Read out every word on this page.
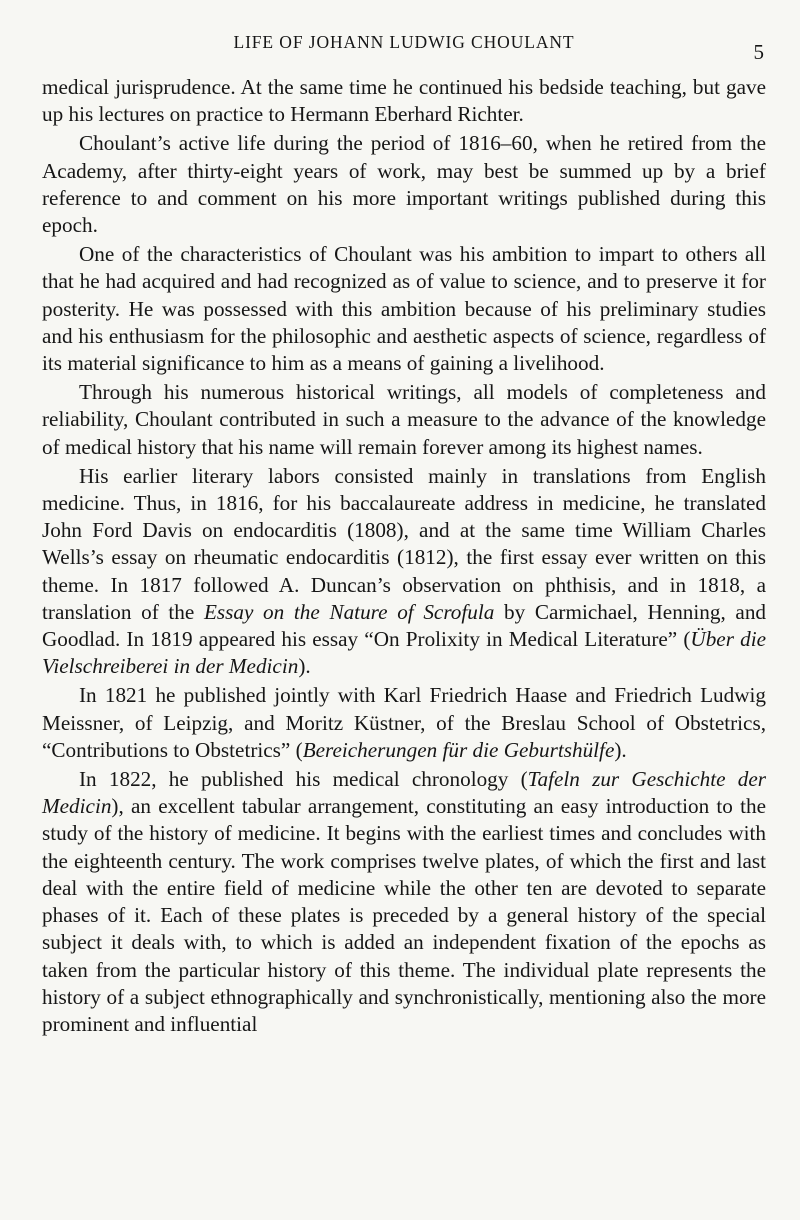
LIFE OF JOHANN LUDWIG CHOULANT	5

medical jurisprudence. At the same time he continued his bedside teaching, but gave up his lectures on practice to Hermann Eberhard Richter.

Choulant’s active life during the period of 1816–60, when he retired from the Academy, after thirty-eight years of work, may best be summed up by a brief reference to and comment on his more important writings published during this epoch.

One of the characteristics of Choulant was his ambition to impart to others all that he had acquired and had recognized as of value to science, and to preserve it for posterity. He was possessed with this ambition because of his preliminary studies and his enthusiasm for the philosophic and aesthetic aspects of science, regardless of its material significance to him as a means of gaining a livelihood.

Through his numerous historical writings, all models of completeness and reliability, Choulant contributed in such a measure to the advance of the knowledge of medical history that his name will remain forever among its highest names.

His earlier literary labors consisted mainly in translations from English medicine. Thus, in 1816, for his baccalaureate address in medicine, he translated John Ford Davis on endocarditis (1808), and at the same time William Charles Wells’s essay on rheumatic endocarditis (1812), the first essay ever written on this theme. In 1817 followed A. Duncan’s observation on phthisis, and in 1818, a translation of the Essay on the Nature of Scrofula by Carmichael, Henning, and Goodlad. In 1819 appeared his essay “On Prolixity in Medical Literature” (Über die Vielschreiberei in der Medicin).

In 1821 he published jointly with Karl Friedrich Haase and Friedrich Ludwig Meissner, of Leipzig, and Moritz Küstner, of the Breslau School of Obstetrics, “Contributions to Obstetrics” (Bereicherungen für die Geburtshülfe).

In 1822, he published his medical chronology (Tafeln zur Geschichte der Medicin), an excellent tabular arrangement, constituting an easy introduction to the study of the history of medicine. It begins with the earliest times and concludes with the eighteenth century. The work comprises twelve plates, of which the first and last deal with the entire field of medicine while the other ten are devoted to separate phases of it. Each of these plates is preceded by a general history of the special subject it deals with, to which is added an independent fixation of the epochs as taken from the particular history of this theme. The individual plate represents the history of a subject ethnographically and synchronistically, mentioning also the more prominent and influential
